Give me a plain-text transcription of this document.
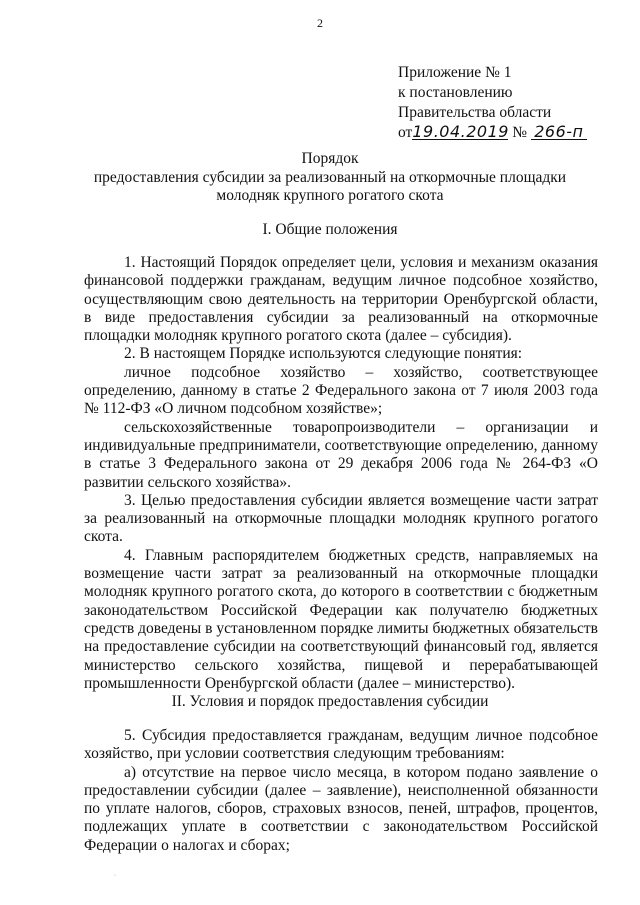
2
Приложение № 1
к постановлению
Правительства области
от19.04.2019 № 266-п
Порядок
предоставления субсидии за реализованный на откормочные площадки
молодняк крупного рогатого скота
I. Общие положения

1. Настоящий Порядок определяет цели, условия и механизм оказания финансовой поддержки гражданам, ведущим личное подсобное хозяйство, осуществляющим свою деятельность на территории Оренбургской области, в виде предоставления субсидии за реализованный на откормочные площадки молодняк крупного рогатого скота (далее – субсидия).

2. В настоящем Порядке используются следующие понятия:

личное подсобное хозяйство – хозяйство, соответствующее определению, данному в статье 2 Федерального закона от 7 июля 2003 года № 112-ФЗ «О личном подсобном хозяйстве»;

сельскохозяйственные товаропроизводители – организации и индивидуальные предприниматели, соответствующие определению, данному в статье 3 Федерального закона от 29 декабря 2006 года № 264-ФЗ «О развитии сельского хозяйства».

3. Целью предоставления субсидии является возмещение части затрат за реализованный на откормочные площадки молодняк крупного рогатого скота.

4. Главным распорядителем бюджетных средств, направляемых на возмещение части затрат за реализованный на откормочные площадки молодняк крупного рогатого скота, до которого в соответствии с бюджетным законодательством Российской Федерации как получателю бюджетных средств доведены в установленном порядке лимиты бюджетных обязательств на предоставление субсидии на соответствующий финансовый год, является министерство сельского хозяйства, пищевой и перерабатывающей промышленности Оренбургской области (далее – министерство).

II. Условия и порядок предоставления субсидии

5. Субсидия предоставляется гражданам, ведущим личное подсобное хозяйство, при условии соответствия следующим требованиям:

а) отсутствие на первое число месяца, в котором подано заявление о предоставлении субсидии (далее – заявление), неисполненной обязанности по уплате налогов, сборов, страховых взносов, пеней, штрафов, процентов, подлежащих уплате в соответствии с законодательством Российской Федерации о налогах и сборах;

·
